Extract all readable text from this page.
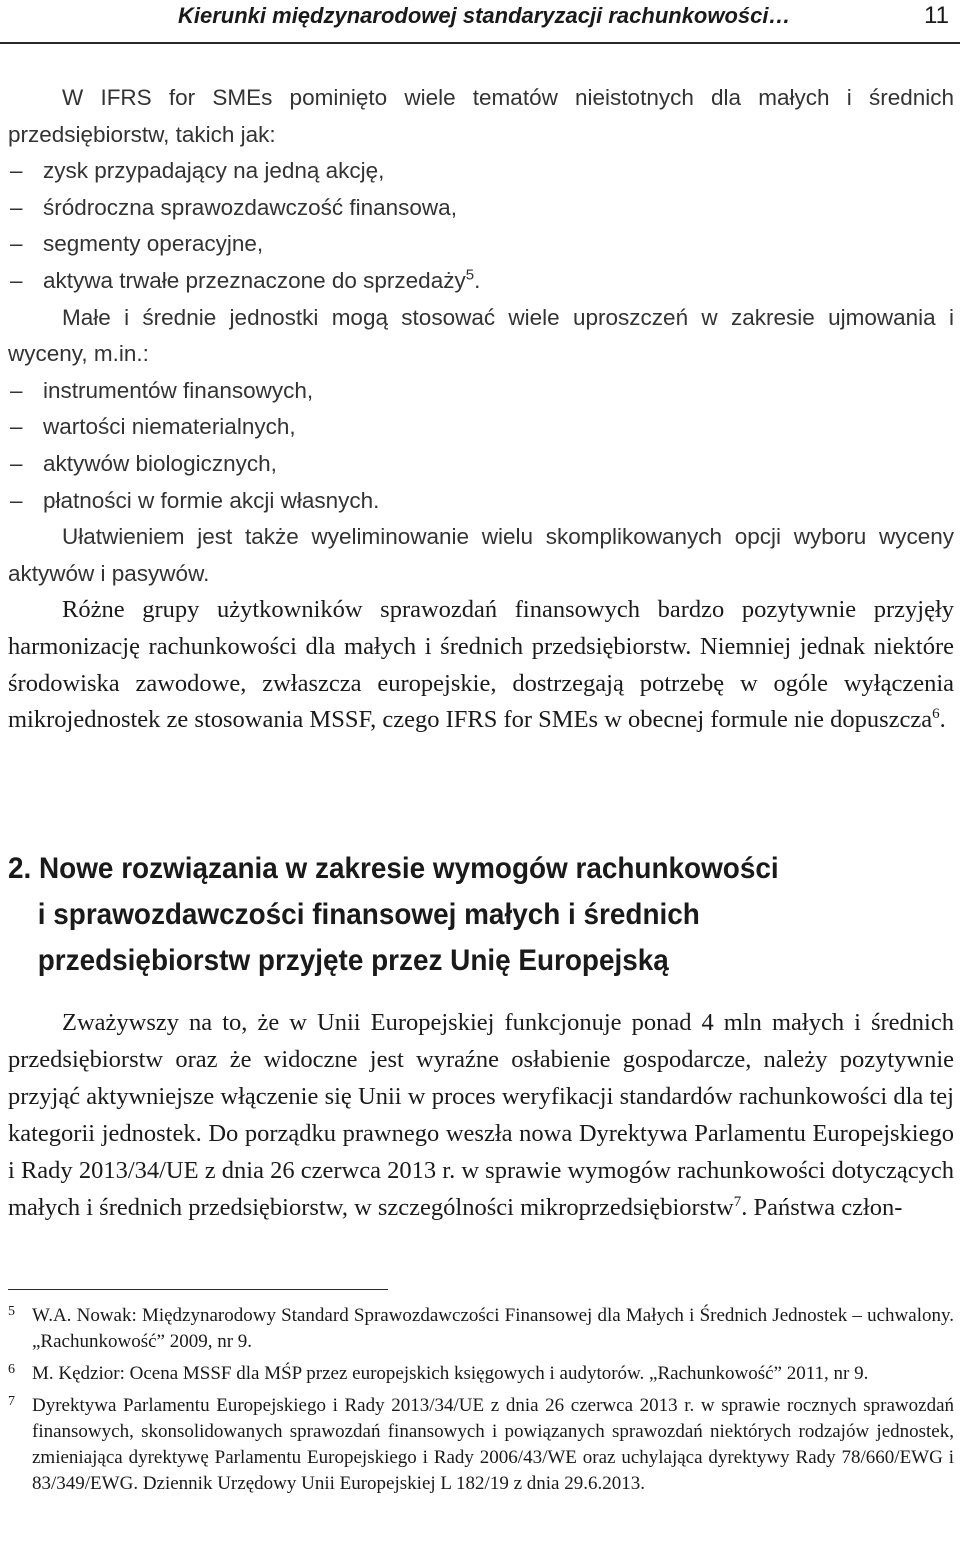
Kierunki międzynarodowej standaryzacji rachunkowości…	11

W IFRS for SMEs pominięto wiele tematów nieistotnych dla małych i średnich przedsiębiorstw, takich jak:

– zysk przypadający na jedną akcję,
– śródroczna sprawozdawczość finansowa,
– segmenty operacyjne,
– aktywa trwałe przeznaczone do sprzedaży$^5$.

Małe i średnie jednostki mogą stosować wiele uproszczeń w zakresie ujmowania i wyceny, m.in.:

– instrumentów finansowych,
– wartości niematerialnych,
– aktywów biologicznych,
– płatności w formie akcji własnych.

Ułatwieniem jest także wyeliminowanie wielu skomplikowanych opcji wyboru wyceny aktywów i pasywów.

Różne grupy użytkowników sprawozdań finansowych bardzo pozytywnie przyjęły harmonizację rachunkowości dla małych i średnich przedsiębiorstw. Niemniej jednak niektóre środowiska zawodowe, zwłaszcza europejskie, dostrzegają potrzebę w ogóle wyłączenia mikrojednostek ze stosowania MSSF, czego IFRS for SMEs w obecnej formule nie dopuszcza$^6$.

2. Nowe rozwiązania w zakresie wymogów rachunkowości
i sprawozdawczości finansowej małych i średnich
przedsiębiorstw przyjęte przez Unię Europejską

Zważywszy na to, że w Unii Europejskiej funkcjonuje ponad 4 mln małych i średnich przedsiębiorstw oraz że widoczne jest wyraźne osłabienie gospodarcze, należy pozytywnie przyjąć aktywniejsze włączenie się Unii w proces weryfikacji standardów rachunkowości dla tej kategorii jednostek. Do porządku prawnego weszła nowa Dyrektywa Parlamentu Europejskiego i Rady 2013/34/UE z dnia 26 czerwca 2013 r. w sprawie wymogów rachunkowości dotyczących małych i średnich przedsiębiorstw, w szczególności mikroprzedsiębiorstw$^7$. Państwa człon-

5 W.A. Nowak: Międzynarodowy Standard Sprawozdawczości Finansowej dla Małych i Średnich Jednostek – uchwalony. „Rachunkowość” 2009, nr 9.
6 M. Kędzior: Ocena MSSF dla MŚP przez europejskich księgowych i audytorów. „Rachunkowość” 2011, nr 9.
7 Dyrektywa Parlamentu Europejskiego i Rady 2013/34/UE z dnia 26 czerwca 2013 r. w sprawie rocznych sprawozdań finansowych, skonsolidowanych sprawozdań finansowych i powiązanych sprawozdań niektórych rodzajów jednostek, zmieniająca dyrektywę Parlamentu Europejskiego i Rady 2006/43/WE oraz uchylająca dyrektywy Rady 78/660/EWG i 83/349/EWG. Dziennik Urzędowy Unii Europejskiej L 182/19 z dnia 29.6.2013.
